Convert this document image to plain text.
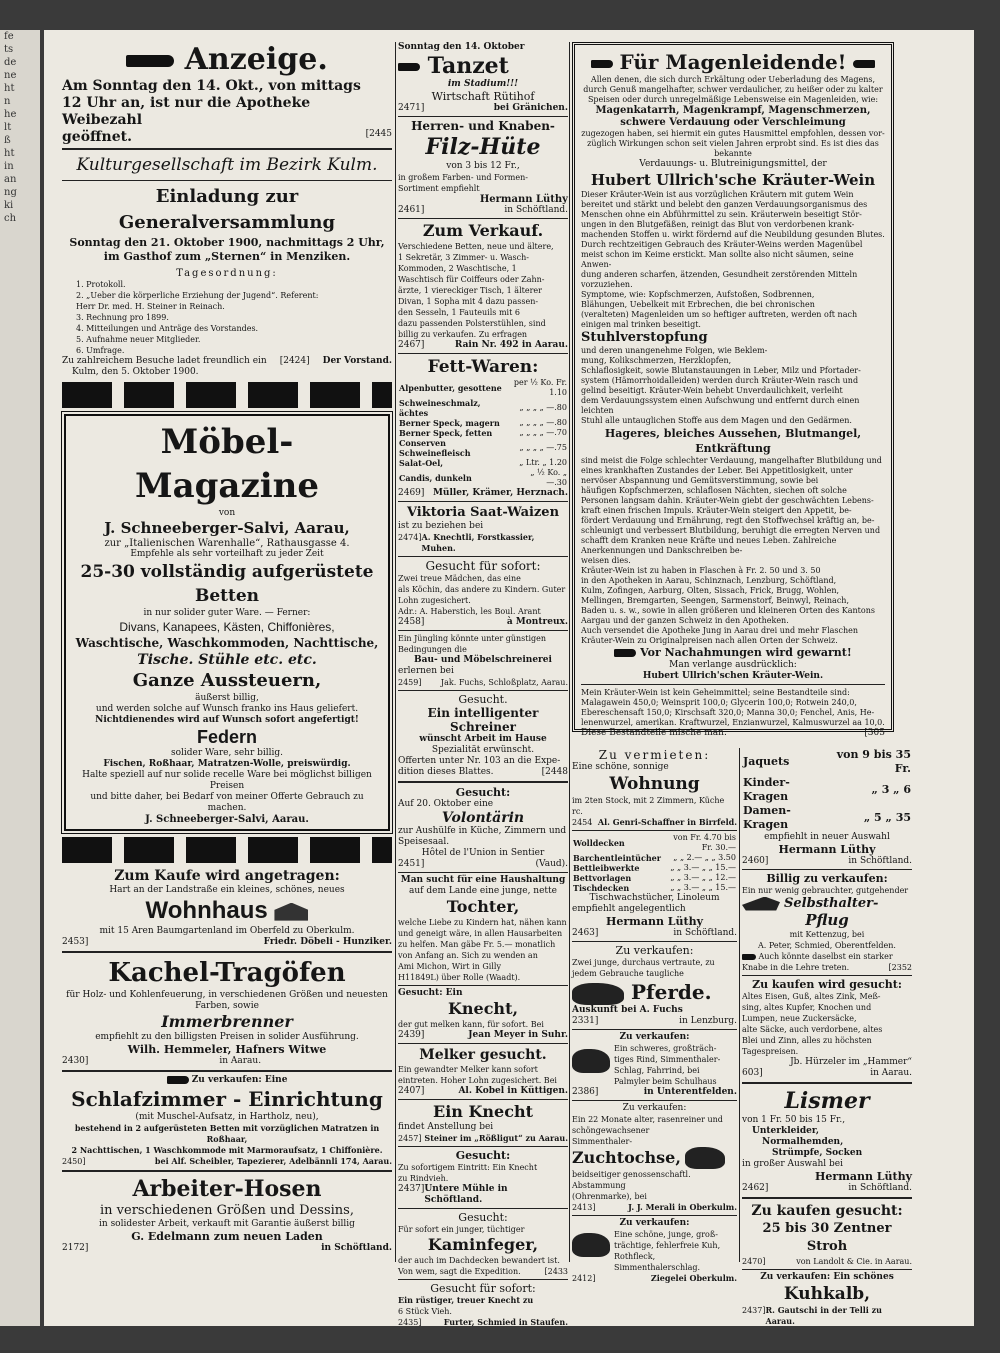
fe
ts
de
ne
ht
n
he
lt
ß
ht
in
an
ng
ki
ch
Anzeige.
Am Sonntag den 14. Okt., von mittags
12 Uhr an, ist nur die Apotheke Weibezahl
geöffnet.	[2445
Kulturgesellschaft im Bezirk Kulm.
Einladung zur Generalversammlung
Sonntag den 21. Oktober 1900, nachmittags 2 Uhr,
im Gasthof zum „Sternen“ in Menziken.
Tagesordnung:
1. Protokoll.
2. „Ueber die körperliche Erziehung der Jugend“. Referent:
Herr Dr. med. H. Steiner in Reinach.
3. Rechnung pro 1899.
4. Mitteilungen und Anträge des Vorstandes.
5. Aufnahme neuer Mitglieder.
6. Umfrage.
Zu zahlreichem Besuche ladet freundlich ein [2424] Der Vorstand.
Kulm, den 5. Oktober 1900.
Möbel-Magazine
von
J. Schneeberger-Salvi, Aarau,
zur „Italienischen Warenhalle“, Rathausgasse 4.
Empfehle als sehr vorteilhaft zu jeder Zeit
25-30 vollständig aufgerüstete Betten
in nur solider guter Ware. — Ferner:
Divans, Kanapees, Kästen, Chiffonières,
Waschtische, Waschkommoden, Nachttische,
Tische. Stühle etc. etc.
Ganze Aussteuern,
äußerst billig,
und werden solche auf Wunsch franko ins Haus geliefert.
Nichtdienendes wird auf Wunsch sofort angefertigt!
Federn
solider Ware, sehr billig.
Fischen, Roßhaar, Matratzen-Wolle, preiswürdig.
Halte speziell auf nur solide recelle Ware bei möglichst billigen Preisen
und bitte daher, bei Bedarf von meiner Offerte Gebrauch zu machen.
J. Schneeberger-Salvi, Aarau.
Zum Kaufe wird angetragen:
Hart an der Landstraße ein kleines, schönes, neues
Wohnhaus
mit 15 Aren Baumgartenland im Oberfeld zu Oberkulm.
2453]	Friedr. Döbeli - Hunziker.
Kachel-Tragöfen
für Holz- und Kohlenfeuerung, in verschiedenen Größen und neuesten Farben, sowie
Immerbrenner
empfiehlt zu den billigsten Preisen in solider Ausführung.
Wilh. Hemmeler, Hafners Witwe
2430]	in Aarau.
Zu verkaufen: Eine
Schlafzimmer - Einrichtung
(mit Muschel-Aufsatz, in Hartholz, neu),
bestehend in 2 aufgerüsteten Betten mit vorzüglichen Matratzen in Roßhaar,
2 Nachttischen, 1 Waschkommode mit Marmoraufsatz, 1 Chiffonière.
2450]	bei Alf. Scheibler, Tapezierer, Adelbännli 174, Aarau.
Arbeiter-Hosen
in verschiedenen Größen und Dessins,
in solidester Arbeit, verkauft mit Garantie äußerst billig
G. Edelmann zum neuen Laden
2172]	in Schöftland.
Sonntag den 14. Oktober
Tanzet
im Stadium!!!
Wirtschaft Rütihof
2471]	bei Gränichen.
Herren- und Knaben-
Filz-Hüte
von 3 bis 12 Fr.,
in großem Farben- und Formen-Sortiment empfiehlt
Hermann Lüthy
2461]	in Schöftland.
Zum Verkauf.
Verschiedene Betten, neue und ältere,
1 Sekretär, 3 Zimmer- u. Wasch-
Kommoden, 2 Waschtische, 1
Waschtisch für Coiffeurs oder Zahn-
ärzte, 1 viereckiger Tisch, 1 älterer
Divan, 1 Sopha mit 4 dazu passen-
den Sesseln, 1 Fauteuils mit 6
dazu passenden Polsterstühlen, sind
billig zu verkaufen. Zu erfragen
2467]	Rain Nr. 492 in Aarau.
Fett-Waren:
Alpenbutter, gesottene	per ½ Ko. Fr. 1.10
Schweineschmalz, ächtes	„ „ „ „ —.80
Berner Speck, magern	„ „ „ „ —.80
Berner Speck, fetten	„ „ „ „ —.70
Conserven Schweinefleisch	„ „ „ „ —.75
Salat-Oel,	„ Ltr. „ 1.20
Candis, dunkeln	„ ½ Ko. „ —.30
2469] Müller, Krämer, Herznach.
Viktoria Saat-Waizen
ist zu beziehen bei
2474] A. Knechtli, Forstkassier, Muhen.
Gesucht für sofort:
Zwei treue Mädchen, das eine
als Köchin, das andere zu Kindern. Guter
Lohn zugesichert.
Adr.: A. Haberstich, les Boul. Arant
2458]	à Montreux.
Ein Jüngling könnte unter günstigen
Bedingungen die
Bau- und Möbelschreinerei
erlernen bei
2459] Jak. Fuchs, Schloßplatz, Aarau.
Gesucht.
Ein intelligenter Schreiner
wünscht Arbeit im Hause
Spezialität erwünscht.
Offerten unter Nr. 103 an die Expe-
dition dieses Blattes.	[2448
Gesucht:
Auf 20. Oktober eine
Volontärin
zur Aushülfe in Küche, Zimmern und
Speisesaal.
Hôtel de l'Union in Sentier
2451]	(Vaud).
Man sucht für eine Haushaltung
auf dem Lande eine junge, nette
Tochter,
welche Liebe zu Kindern hat, nähen kann
und geneigt wäre, in allen Hausarbeiten
zu helfen. Man gäbe Fr. 5.— monatlich
von Anfang an. Sich zu wenden an
Ami Michon, Wirt in Gilly
H11849L) über Rolle (Waadt).
Gesucht: Ein
Knecht,
der gut melken kann, für sofort. Bei
2439]	Jean Meyer in Suhr.
Melker gesucht.
Ein gewandter Melker kann sofort
eintreten. Hoher Lohn zugesichert. Bei
2407]	Al. Kobel in Küttigen.
Ein Knecht
findet Anstellung bei
2457] Steiner im „Rößligut“ zu Aarau.
Gesucht:
Zu sofortigem Eintritt: Ein Knecht
zu Rindvieh.
2437] Untere Mühle in Schöftland.
Gesucht:
Für sofort ein junger, tüchtiger
Kaminfeger,
der auch im Dachdecken bewandert ist.
Von wem, sagt die Expedition.	[2433
Gesucht für sofort:
Ein rüstiger, treuer Knecht zu
6 Stück Vieh.
2435]	Furter, Schmied in Staufen.
Für Magenleidende!
Allen denen, die sich durch Erkältung oder Ueberladung des Magens,
durch Genuß mangelhafter, schwer verdaulicher, zu heißer oder zu kalter
Speisen oder durch unregelmäßige Lebensweise ein Magenleiden, wie:
Magenkatarrh, Magenkrampf, Magenschmerzen,
schwere Verdauung oder Verschleimung
zugezogen haben, sei hiermit ein gutes Hausmittel empfohlen, dessen vor-
züglich Wirkungen schon seit vielen Jahren erprobt sind. Es ist dies das
bekannte
Verdauungs- u. Blutreinigungsmittel, der
Hubert Ullrich'sche Kräuter-Wein
Dieser Kräuter-Wein ist aus vorzüglichen Kräutern mit gutem Wein
bereitet und stärkt und belebt den ganzen Verdauungsorganismus des
Menschen ohne ein Abführmittel zu sein. Kräuterwein beseitigt Stör-
ungen in den Blutgefäßen, reinigt das Blut von verdorbenen krank-
machenden Stoffen u. wirkt fördernd auf die Neubildung gesunden Blutes.
Durch rechtzeitigen Gebrauch des Kräuter-Weins werden Magenübel
meist schon im Keime erstickt. Man sollte also nicht säumen, seine Anwen-
dung anderen scharfen, ätzenden, Gesundheit zerstörenden Mitteln vorzuziehen.
Symptome, wie: Kopfschmerzen, Aufstoßen, Sodbrennen,
Blähungen, Uebelkeit mit Erbrechen, die bei chronischen
(veralteten) Magenleiden um so heftiger auftreten, werden oft nach
einigen mal trinken beseitigt.
Stuhlverstopfung
und deren unangenehme Folgen, wie Beklem-
mung, Kolikschmerzen, Herzklopfen,
Schlaflosigkeit, sowie Blutanstauungen in Leber, Milz und Pfortader-
system (Hämorrhoidalleiden) werden durch Kräuter-Wein rasch und
gelind beseitigt. Kräuter-Wein behebt Unverdaulichkeit, verleiht
dem Verdauungssystem einen Aufschwung und entfernt durch einen leichten
Stuhl alle untauglichen Stoffe aus dem Magen und den Gedärmen.
Hageres, bleiches Aussehen, Blutmangel, Entkräftung
sind meist die Folge schlechter Verdauung, mangelhafter Blutbildung und
eines krankhaften Zustandes der Leber. Bei Appetitlosigkeit, unter
nervöser Abspannung und Gemütsverstimmung, sowie bei
häufigen Kopfschmerzen, schlaflosen Nächten, siechen oft solche
Personen langsam dahin. Kräuter-Wein giebt der geschwächten Lebens-
kraft einen frischen Impuls. Kräuter-Wein steigert den Appetit, be-
fördert Verdauung und Ernährung, regt den Stoffwechsel kräftig an, be-
schleunigt und verbessert Blutbildung, beruhigt die erregten Nerven und
schafft dem Kranken neue Kräfte und neues Leben. Zahlreiche Anerkennungen und Dankschreiben be-
weisen dies.
Kräuter-Wein ist zu haben in Flaschen à Fr. 2. 50 und 3. 50
in den Apotheken in Aarau, Schinznach, Lenzburg, Schöftland,
Kulm, Zofingen, Aarburg, Olten, Sissach, Frick, Brugg, Wohlen,
Mellingen, Bremgarten, Seengen, Sarmenstorf, Beinwyl, Reinach,
Baden u. s. w., sowie in allen größeren und kleineren Orten des Kantons
Aargau und der ganzen Schweiz in den Apotheken.
Auch versendet die Apotheke Jung in Aarau drei und mehr Flaschen
Kräuter-Wein zu Originalpreisen nach allen Orten der Schweiz.
Vor Nachahmungen wird gewarnt!
Man verlange ausdrücklich:
Hubert Ullrich'schen Kräuter-Wein.
Mein Kräuter-Wein ist kein Geheimmittel; seine Bestandteile sind:
Malagawein 450,0; Weinsprit 100,0; Glycerin 100,0; Rotwein 240,0,
Ebereschensaft 150,0; Kirschsaft 320,0; Manna 30,0; Fenchel, Anis, He-
lenenwurzel, amerikan. Kraftwurzel, Enzianwurzel, Kalmuswurzel aa 10,0.
Diese Bestandteile mische man.	[305
Zu vermieten:
Eine schöne, sonnige
Wohnung
im 2ten Stock, mit 2 Zimmern, Küche rc.
2454 Al. Genri-Schaffner in Birrfeld.
Wolldecken	von Fr. 4.70 bis Fr. 30.—
Barchentleintücher	„ „ 2.— „ „ 3.50
Bettleibwerkte	„ „ 3.— „ „ 15.—
Bettvorlagen	„ „ 3.— „ „ 12.—
Tischdecken	„ „ 3.— „ „ 15.—
Tischwachstücher, Linoleum
empfiehlt angelegentlich
Hermann Lüthy
2463]	in Schöftland.
Zu verkaufen:
Zwei junge, durchaus vertraute, zu
jedem Gebrauche taugliche
Pferde.
Auskunft bei A. Fuchs
2331]	in Lenzburg.
Zu verkaufen:
Ein schweres, großträch-
tiges Rind, Simmenthaler-
Schlag, Fahrrind, bei
Palmyler beim Schulhaus
2386]	in Unterentfelden.
Zu verkaufen:
Ein 22 Monate alter, rasenreiner und
schöngewachsener
Simmenthaler-
Zuchtochse,
beidseitiger genossenschaftl. Abstammung
(Ohrenmarke), bei
2413]	J. J. Merali in Oberkulm.
Zu verkaufen:
Eine schöne, junge, groß-
trächtige, fehlerfreie Kuh,
Rothfleck, Simmenthalerschlag.
2412]	Ziegelei Oberkulm.
Jaquets	von 9 bis 35 Fr.
Kinder-Kragen	„ 3 „ 6
Damen-Kragen	„ 5 „ 35
empfiehlt in neuer Auswahl
Hermann Lüthy
2460]	in Schöftland.
Billig zu verkaufen:
Ein nur wenig gebrauchter, gutgehender
Selbsthalter-
Pflug
mit Kettenzug, bei
A. Peter, Schmied, Oberentfelden.
Auch könnte daselbst ein starker
Knabe in die Lehre treten.	[2352
Zu kaufen wird gesucht:
Altes Eisen, Guß, altes Zink, Meß-
sing, altes Kupfer, Knochen und
Lumpen, neue Zuckersäcke,
alte Säcke, auch verdorbene, altes
Blei und Zinn, alles zu höchsten
Tagespreisen.
Jb. Hürzeler im „Hammer“
603]	in Aarau.
Lismer
von 1 Fr. 50 bis 15 Fr.,
Unterkleider,
Normalhemden,
Strümpfe, Socken
in großer Auswahl bei
Hermann Lüthy
2462]	in Schöftland.
Zu kaufen gesucht:
25 bis 30 Zentner Stroh
2470]	von Landolt & Cie. in Aarau.
Zu verkaufen: Ein schönes
Kuhkalb,
2437] R. Gautschi in der Telli zu Aarau.
